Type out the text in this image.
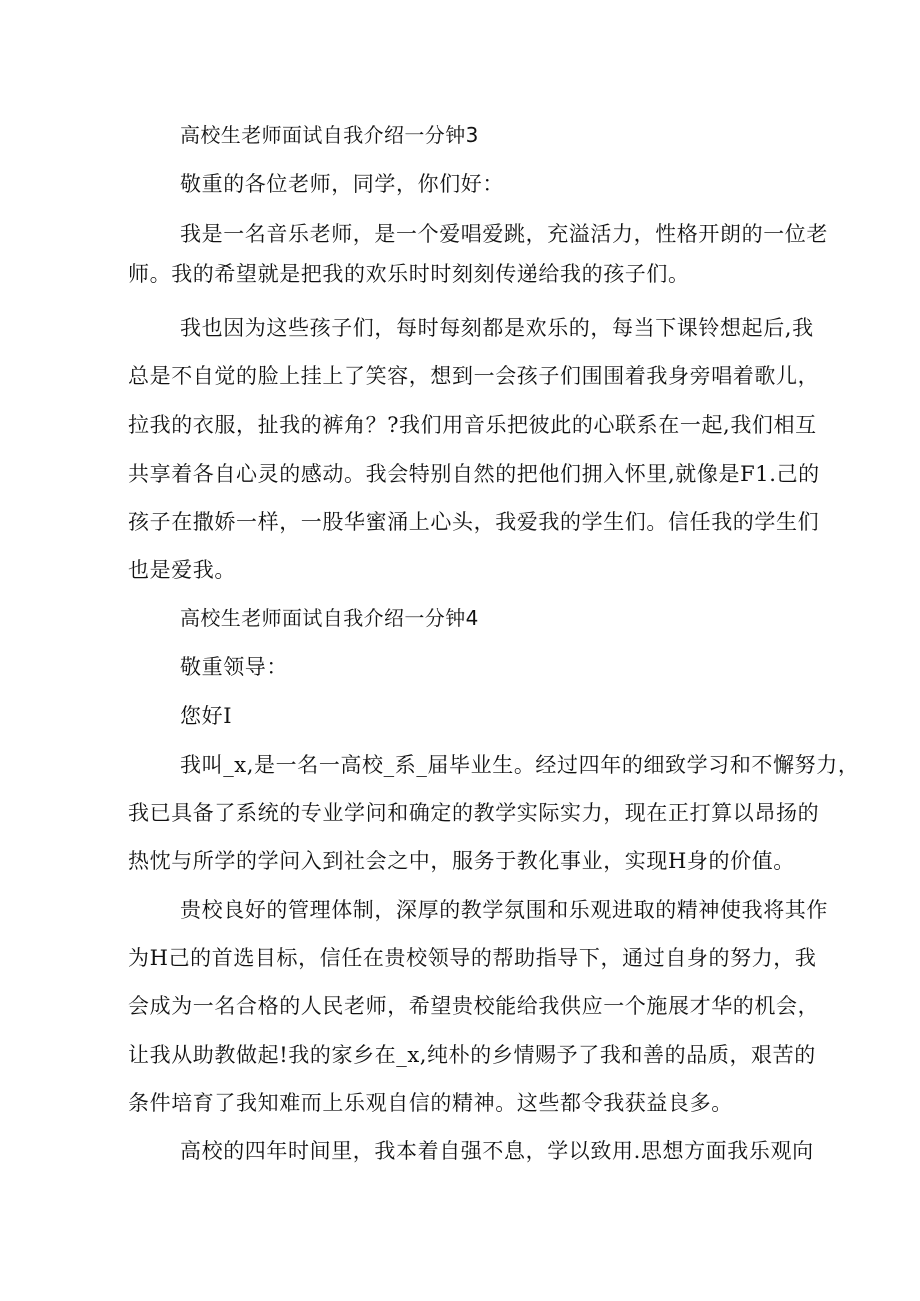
高校生老师面试自我介绍一分钟3
敬重的各位老师，同学，你们好：
我是一名音乐老师，是一个爱唱爱跳，充溢活力，性格开朗的一位老
师。我的希望就是把我的欢乐时时刻刻传递给我的孩子们。
我也因为这些孩子们，每时每刻都是欢乐的，每当下课铃想起后,我
总是不自觉的脸上挂上了笑容，想到一会孩子们围围着我身旁唱着歌儿，
拉我的衣服，扯我的裤角？?我们用音乐把彼此的心联系在一起,我们相互
共享着各自心灵的感动。我会特别自然的把他们拥入怀里,就像是F1.己的
孩子在撒娇一样，一股华蜜涌上心头，我爱我的学生们。信任我的学生们
也是爱我。
高校生老师面试自我介绍一分钟4
敬重领导：
您好I
我叫_x,是一名一高校_系_届毕业生。经过四年的细致学习和不懈努力，
我已具备了系统的专业学问和确定的教学实际实力，现在正打算以昂扬的
热忱与所学的学问入到社会之中，服务于教化事业，实现H身的价值。
贵校良好的管理体制，深厚的教学氛围和乐观进取的精神使我将其作
为H己的首选目标，信任在贵校领导的帮助指导下，通过自身的努力，我
会成为一名合格的人民老师，希望贵校能给我供应一个施展才华的机会，
让我从助教做起!我的家乡在_x,纯朴的乡情赐予了我和善的品质，艰苦的
条件培育了我知难而上乐观自信的精神。这些都令我获益良多。
高校的四年时间里，我本着自强不息，学以致用.思想方面我乐观向
